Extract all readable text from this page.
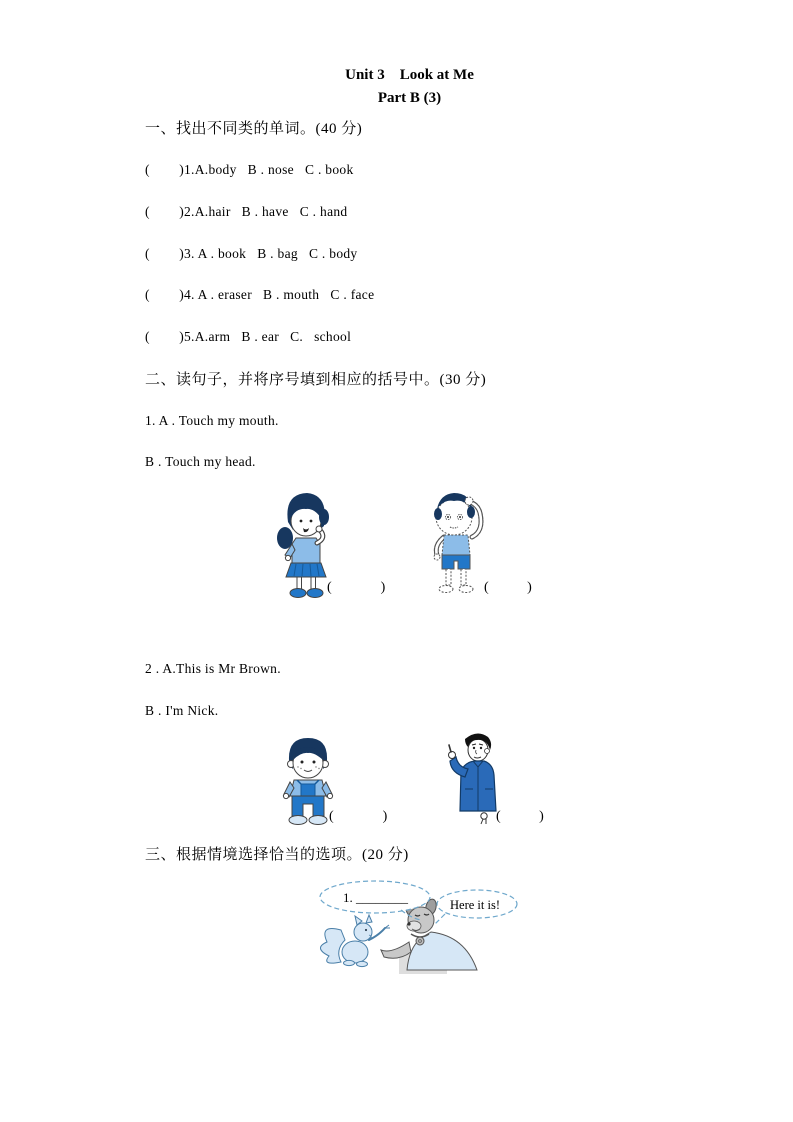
Unit 3    Look at Me
Part B (3)
一、找出不同类的单词。(40 分)
(        )1.A.body   B . nose   C . book
(        )2.A.hair   B . have   C . hand
(        )3. A . book   B . bag   C . body
(        )4. A . eraser   B . mouth   C . face
(        )5.A.arm   B . ear   C.   school
二、读句子，并将序号填到相应的括号中。(30 分)
1. A . Touch my mouth.
B . Touch my head.
(              )	(           )
2 . A.This is Mr Brown.
B . I'm Nick.
(              )	(           )
三、根据情境选择恰当的选项。(20 分)
1. ________	Here it is!
